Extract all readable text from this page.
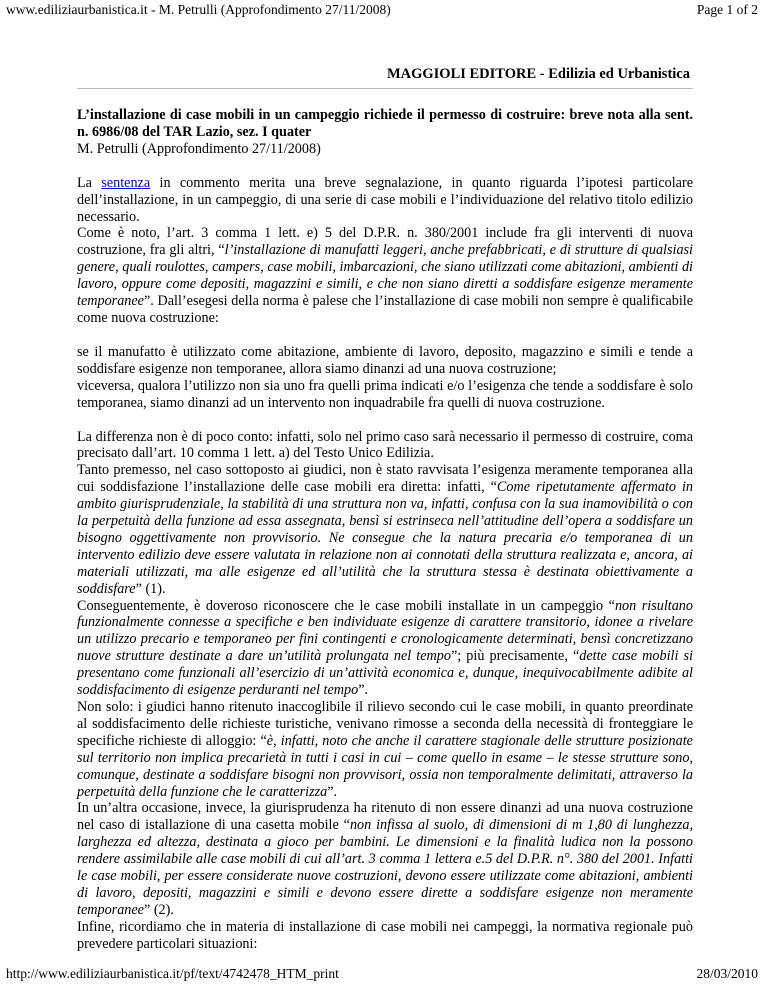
www.ediliziaurbanistica.it - M. Petrulli (Approfondimento 27/11/2008)	Page 1 of 2
MAGGIOLI EDITORE - Edilizia ed Urbanistica

L’installazione di case mobili in un campeggio richiede il permesso di costruire: breve nota alla sent. n. 6986/08 del TAR Lazio, sez. I quater

M. Petrulli (Approfondimento 27/11/2008)

La sentenza in commento merita una breve segnalazione, in quanto riguarda l’ipotesi particolare dell’installazione, in un campeggio, di una serie di case mobili e l’individuazione del relativo titolo edilizio necessario.

Come è noto, l’art. 3 comma 1 lett. e) 5 del D.P.R. n. 380/2001 include fra gli interventi di nuova costruzione, fra gli altri, “l’installazione di manufatti leggeri, anche prefabbricati, e di strutture di qualsiasi genere, quali roulottes, campers, case mobili, imbarcazioni, che siano utilizzati come abitazioni, ambienti di lavoro, oppure come depositi, magazzini e simili, e che non siano diretti a soddisfare esigenze meramente temporanee”. Dall’esegesi della norma è palese che l’installazione di case mobili non sempre è qualificabile come nuova costruzione:

se il manufatto è utilizzato come abitazione, ambiente di lavoro, deposito, magazzino e simili e tende a soddisfare esigenze non temporanee, allora siamo dinanzi ad una nuova costruzione;

viceversa, qualora l’utilizzo non sia uno fra quelli prima indicati e/o l’esigenza che tende a soddisfare è solo temporanea, siamo dinanzi ad un intervento non inquadrabile fra quelli di nuova costruzione.

La differenza non è di poco conto: infatti, solo nel primo caso sarà necessario il permesso di costruire, coma precisato dall’art. 10 comma 1 lett. a) del Testo Unico Edilizia.

Tanto premesso, nel caso sottoposto ai giudici, non è stato ravvisata l’esigenza meramente temporanea alla cui soddisfazione l’installazione delle case mobili era diretta: infatti, “Come ripetutamente affermato in ambito giurisprudenziale, la stabilità di una struttura non va, infatti, confusa con la sua inamovibilità o con la perpetuità della funzione ad essa assegnata, bensì si estrinseca nell’attitudine dell’opera a soddisfare un bisogno oggettivamente non provvisorio. Ne consegue che la natura precaria e/o temporanea di un intervento edilizio deve essere valutata in relazione non ai connotati della struttura realizzata e, ancora, ai materiali utilizzati, ma alle esigenze ed all’utilità che la struttura stessa è destinata obiettivamente a soddisfare” (1).

Conseguentemente, è doveroso riconoscere che le case mobili installate in un campeggio “non risultano funzionalmente connesse a specifiche e ben individuate esigenze di carattere transitorio, idonee a rivelare un utilizzo precario e temporaneo per fini contingenti e cronologicamente determinati, bensì concretizzano nuove strutture destinate a dare un’utilità prolungata nel tempo”; più precisamente, “dette case mobili si presentano come funzionali all’esercizio di un’attività economica e, dunque, inequivocabilmente adibite al soddisfacimento di esigenze perduranti nel tempo”.

Non solo: i giudici hanno ritenuto inaccoglibile il rilievo secondo cui le case mobili, in quanto preordinate al soddisfacimento delle richieste turistiche, venivano rimosse a seconda della necessità di fronteggiare le specifiche richieste di alloggio: “è, infatti, noto che anche il carattere stagionale delle strutture posizionate sul territorio non implica precarietà in tutti i casi in cui – come quello in esame – le stesse strutture sono, comunque, destinate a soddisfare bisogni non provvisori, ossia non temporalmente delimitati, attraverso la perpetuità della funzione che le caratterizza”.

In un’altra occasione, invece, la giurisprudenza ha ritenuto di non essere dinanzi ad una nuova costruzione nel caso di istallazione di una casetta mobile “non infissa al suolo, di dimensioni di m 1,80 di lunghezza, larghezza ed altezza, destinata a gioco per bambini. Le dimensioni e la finalità ludica non la possono rendere assimilabile alle case mobili di cui all’art. 3 comma 1 lettera e.5 del D.P.R. n°. 380 del 2001. Infatti le case mobili, per essere considerate nuove costruzioni, devono essere utilizzate come abitazioni, ambienti di lavoro, depositi, magazzini e simili e devono essere dirette a soddisfare esigenze non meramente temporanee” (2).

Infine, ricordiamo che in materia di installazione di case mobili nei campeggi, la normativa regionale può prevedere particolari situazioni:

http://www.ediliziaurbanistica.it/pf/text/4742478_HTM_print	28/03/2010
